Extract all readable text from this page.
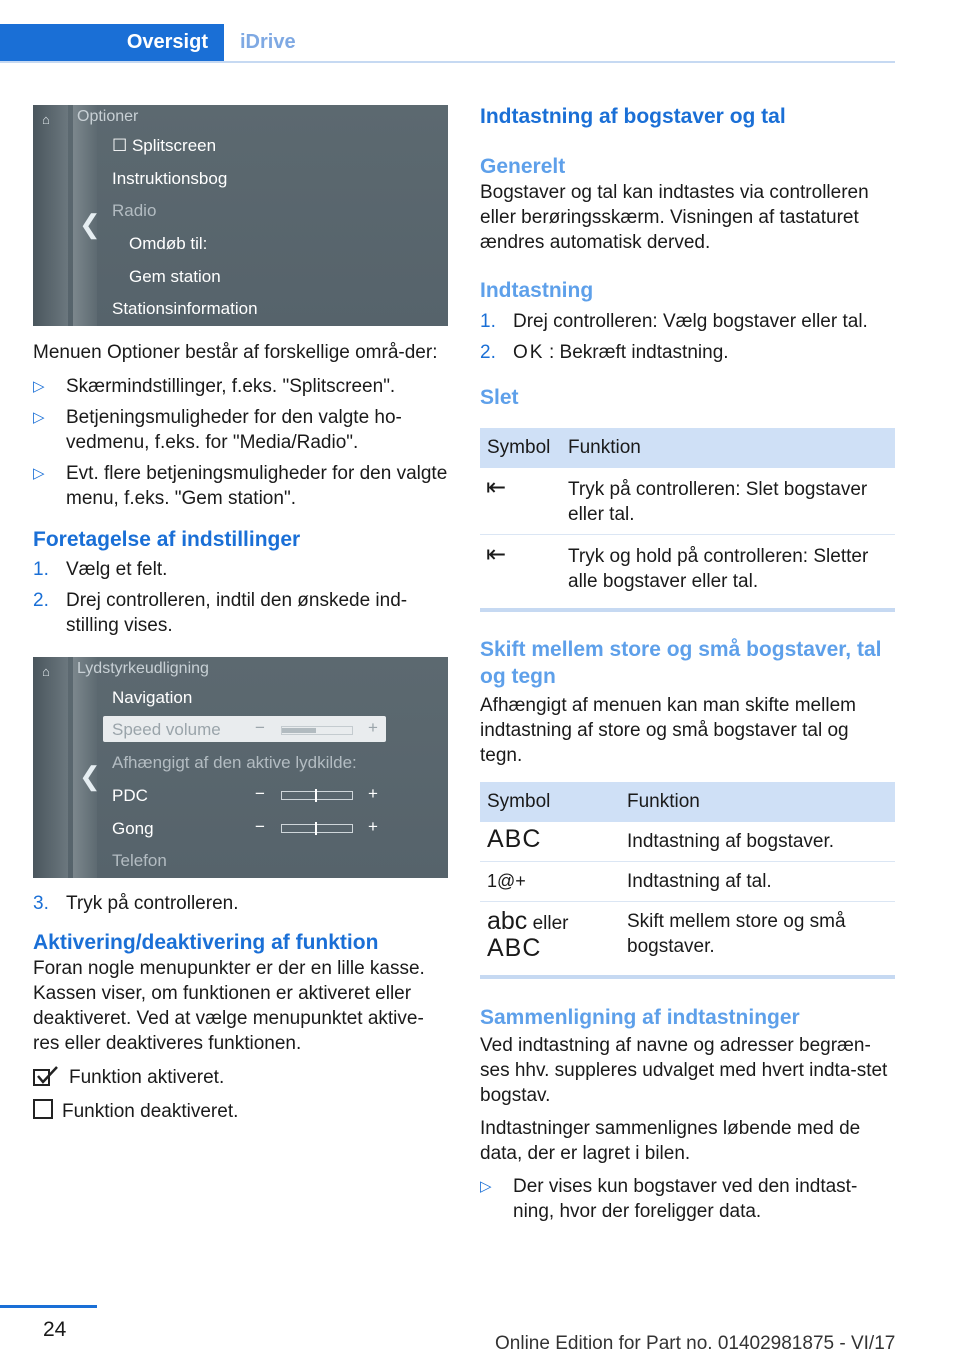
Oversigt	iDrive
⌂
❮
Optioner
☐ Splitscreen
Instruktionsbog
Radio
Omdøb til:
Gem station
Stationsinformation

Menuen Optioner består af forskellige områ‐der:

▷ Skærmindstillinger, f.eks. "Splitscreen".
▷ Betjeningsmuligheder for den valgte ho‐vedmenu, f.eks. for "Media/Radio".
▷ Evt. flere betjeningsmuligheder for den valgte menu, f.eks. "Gem station".
Foretagelse af indstillinger
1. Vælg et felt.
2. Drej controlleren, indtil den ønskede ind‐stilling vises.
⌂
❮
Lydstyrkeudligning
Navigation
Speed volume −	+
Afhængigt af den aktive lydkilde:
PDC	−	+
Gong	−	+
Telefon
3. Tryk på controlleren.
Aktivering/deaktivering af funktion

Foran nogle menupunkter er der en lille kasse. Kassen viser, om funktionen er aktiveret eller deaktiveret. Ved at vælge menupunktet aktive‐res eller deaktiveres funktionen.

Funktion aktiveret.

Funktion deaktiveret.

Indtastning af bogstaver og tal
Generelt

Bogstaver og tal kan indtastes via controlleren eller berøringsskærm. Visningen af tastaturet ændres automatisk derved.

Indtastning
1. Drej controlleren: Vælg bogstaver eller tal.
2. OK : Bekræft indtastning.
Slet
Symbol	Funktion
⇤	Tryk på controlleren: Slet bogstaver eller tal.
⇤	Tryk og hold på controlleren: Sletter alle bogstaver eller tal.
Skift mellem store og små bogstaver, tal og tegn

Afhængigt af menuen kan man skifte mellem indtastning af store og små bogstaver tal og tegn.

Symbol	Funktion
ABC	Indtastning af bogstaver.
1@+	Indtastning af tal.
abc eller
ABC	Skift mellem store og små bogstaver.
Sammenligning af indtastninger

Ved indtastning af navne og adresser begræn‐ses hhv. suppleres udvalget med hvert indta‐stet bogstav.

Indtastninger sammenlignes løbende med de data, der er lagret i bilen.

▷ Der vises kun bogstaver ved den indtast‐ning, hvor der foreligger data.
24
Online Edition for Part no. 01402981875 - VI/17
